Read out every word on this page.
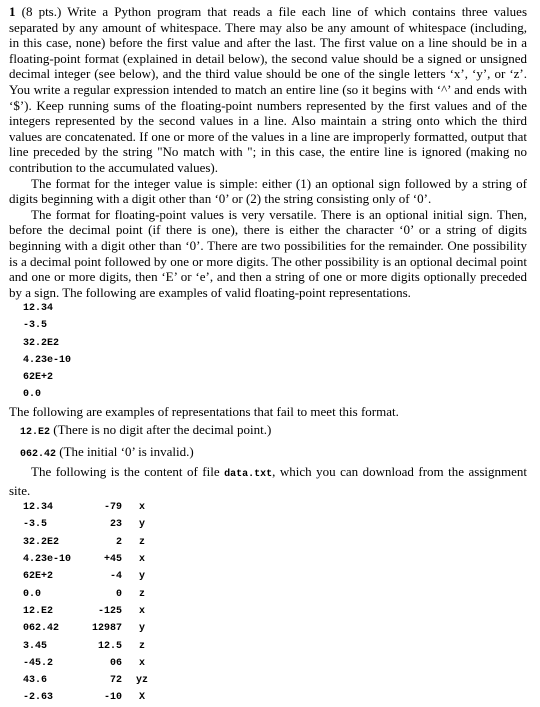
1 (8 pts.) Write a Python program that reads a file each line of which contains three values separated by any amount of whitespace. There may also be any amount of whitespace (including, in this case, none) before the first value and after the last. The first value on a line should be in a floating-point format (explained in detail below), the second value should be a signed or unsigned decimal integer (see below), and the third value should be one of the single letters ‘x’, ‘y’, or ‘z’. You write a regular expression intended to match an entire line (so it begins with ‘^’ and ends with ‘$’). Keep running sums of the floating-point numbers represented by the first values and of the integers represented by the second values in a line. Also maintain a string onto which the third values are concatenated. If one or more of the values in a line are improperly formatted, output that line preceded by the string "No match with "; in this case, the entire line is ignored (making no contribution to the accumulated values).

The format for the integer value is simple: either (1) an optional sign followed by a string of digits beginning with a digit other than ‘0’ or (2) the string consisting only of ‘0’.

The format for floating-point values is very versatile. There is an optional initial sign. Then, before the decimal point (if there is one), there is either the character ‘0’ or a string of digits beginning with a digit other than ‘0’. There are two possibilities for the remainder. One possibility is a decimal point followed by one or more digits. The other possibility is an optional decimal point and one or more digits, then ‘E’ or ‘e’, and then a string of one or more digits optionally preceded by a sign. The following are examples of valid floating-point representations.

12.34
-3.5
32.2E2
4.23e-10
62E+2
0.0

The following are examples of representations that fail to meet this format.

12.E2 (There is no digit after the decimal point.)
062.42 (The initial ‘0’ is invalid.)

The following is the content of file data.txt, which you can download from the assignment site.

12.34	-79	x
-3.5	23	y
32.2E2	2	z
4.23e-10	+45	x
62E+2	-4	y
0.0	0	z
12.E2	-125	x
062.42	12987	y
3.45	12.5	z
-45.2	06	x
43.6	72	yz
-2.63	-10	X
